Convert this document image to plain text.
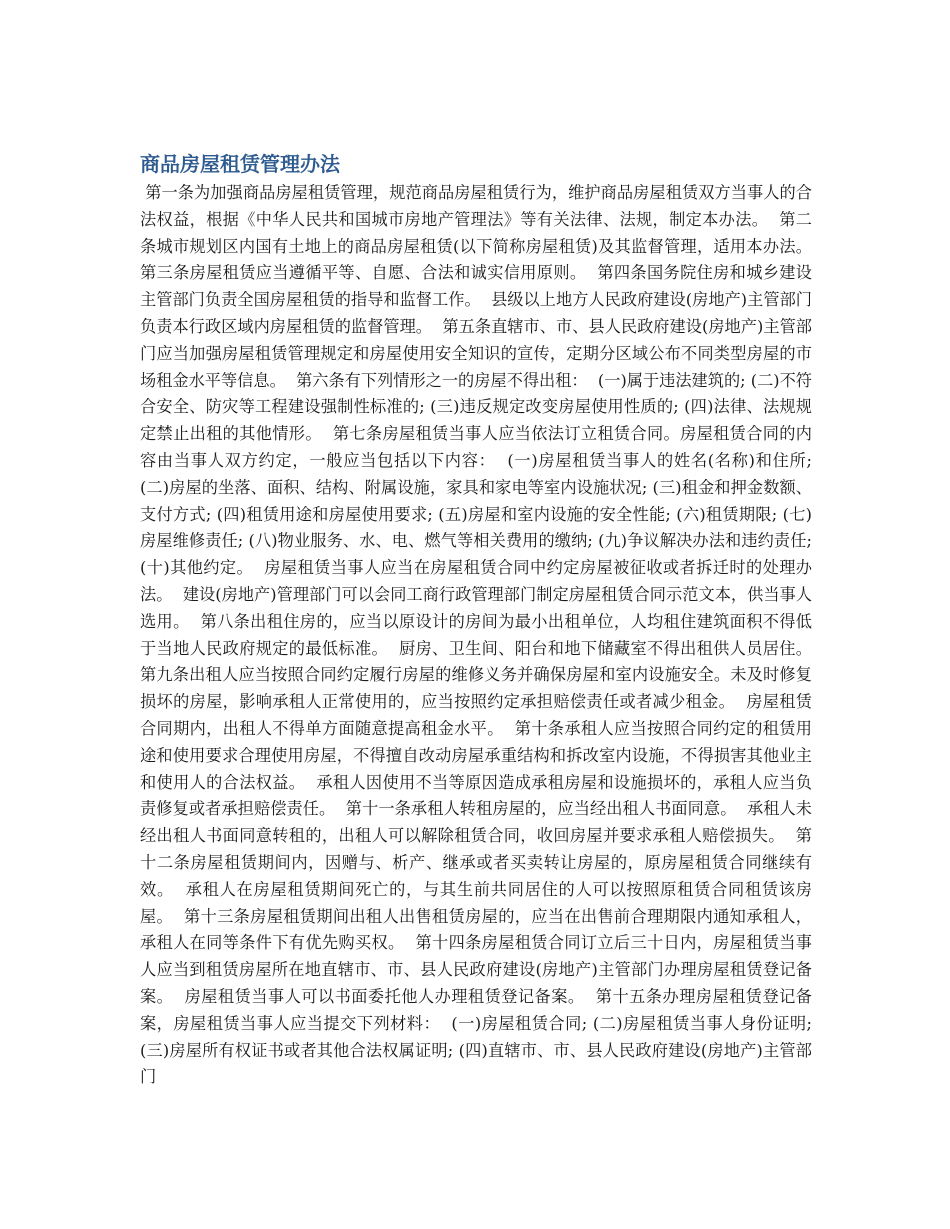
商品房屋租赁管理办法

第一条为加强商品房屋租赁管理，规范商品房屋租赁行为，维护商品房屋租赁双方当事人的合法权益，根据《中华人民共和国城市房地产管理法》等有关法律、法规，制定本办法。  第二条城市规划区内国有土地上的商品房屋租赁(以下简称房屋租赁)及其监督管理，适用本办法。  第三条房屋租赁应当遵循平等、自愿、合法和诚实信用原则。  第四条国务院住房和城乡建设主管部门负责全国房屋租赁的指导和监督工作。  县级以上地方人民政府建设(房地产)主管部门负责本行政区域内房屋租赁的监督管理。  第五条直辖市、市、县人民政府建设(房地产)主管部门应当加强房屋租赁管理规定和房屋使用安全知识的宣传，定期分区域公布不同类型房屋的市场租金水平等信息。  第六条有下列情形之一的房屋不得出租：  (一)属于违法建筑的; (二)不符合安全、防灾等工程建设强制性标准的; (三)违反规定改变房屋使用性质的; (四)法律、法规规定禁止出租的其他情形。  第七条房屋租赁当事人应当依法订立租赁合同。房屋租赁合同的内容由当事人双方约定，一般应当包括以下内容：  (一)房屋租赁当事人的姓名(名称)和住所; (二)房屋的坐落、面积、结构、附属设施，家具和家电等室内设施状况; (三)租金和押金数额、支付方式; (四)租赁用途和房屋使用要求; (五)房屋和室内设施的安全性能; (六)租赁期限; (七)房屋维修责任; (八)物业服务、水、电、燃气等相关费用的缴纳; (九)争议解决办法和违约责任; (十)其他约定。  房屋租赁当事人应当在房屋租赁合同中约定房屋被征收或者拆迁时的处理办法。  建设(房地产)管理部门可以会同工商行政管理部门制定房屋租赁合同示范文本，供当事人选用。  第八条出租住房的，应当以原设计的房间为最小出租单位，人均租住建筑面积不得低于当地人民政府规定的最低标准。  厨房、卫生间、阳台和地下储藏室不得出租供人员居住。  第九条出租人应当按照合同约定履行房屋的维修义务并确保房屋和室内设施安全。未及时修复损坏的房屋，影响承租人正常使用的，应当按照约定承担赔偿责任或者减少租金。  房屋租赁合同期内，出租人不得单方面随意提高租金水平。  第十条承租人应当按照合同约定的租赁用途和使用要求合理使用房屋，不得擅自改动房屋承重结构和拆改室内设施，不得损害其他业主和使用人的合法权益。  承租人因使用不当等原因造成承租房屋和设施损坏的，承租人应当负责修复或者承担赔偿责任。  第十一条承租人转租房屋的，应当经出租人书面同意。  承租人未经出租人书面同意转租的，出租人可以解除租赁合同，收回房屋并要求承租人赔偿损失。  第十二条房屋租赁期间内，因赠与、析产、继承或者买卖转让房屋的，原房屋租赁合同继续有效。  承租人在房屋租赁期间死亡的，与其生前共同居住的人可以按照原租赁合同租赁该房屋。  第十三条房屋租赁期间出租人出售租赁房屋的，应当在出售前合理期限内通知承租人，承租人在同等条件下有优先购买权。  第十四条房屋租赁合同订立后三十日内，房屋租赁当事人应当到租赁房屋所在地直辖市、市、县人民政府建设(房地产)主管部门办理房屋租赁登记备案。  房屋租赁当事人可以书面委托他人办理租赁登记备案。  第十五条办理房屋租赁登记备案，房屋租赁当事人应当提交下列材料：  (一)房屋租赁合同; (二)房屋租赁当事人身份证明; (三)房屋所有权证书或者其他合法权属证明; (四)直辖市、市、县人民政府建设(房地产)主管部门
